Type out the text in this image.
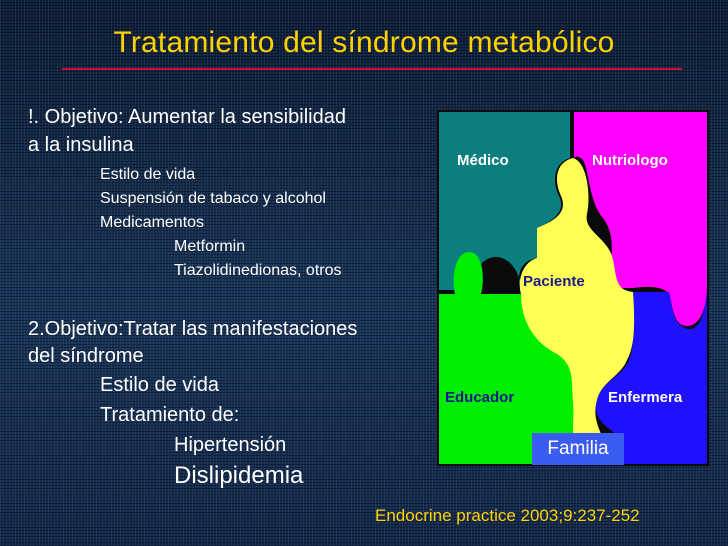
Tratamiento del síndrome metabólico
!. Objetivo: Aumentar la sensibilidad
a la insulina
Estilo de vida
Suspensión de tabaco y alcohol
Medicamentos
Metformin
Tiazolidinedionas, otros
2.Objetivo:Tratar las manifestaciones
del síndrome
Estilo de vida
Tratamiento de:
Hipertensión
Dislipidemia
Médico	Nutriologo
Paciente
Educador	Enfermera
Familia
Endocrine practice 2003;9:237-252
